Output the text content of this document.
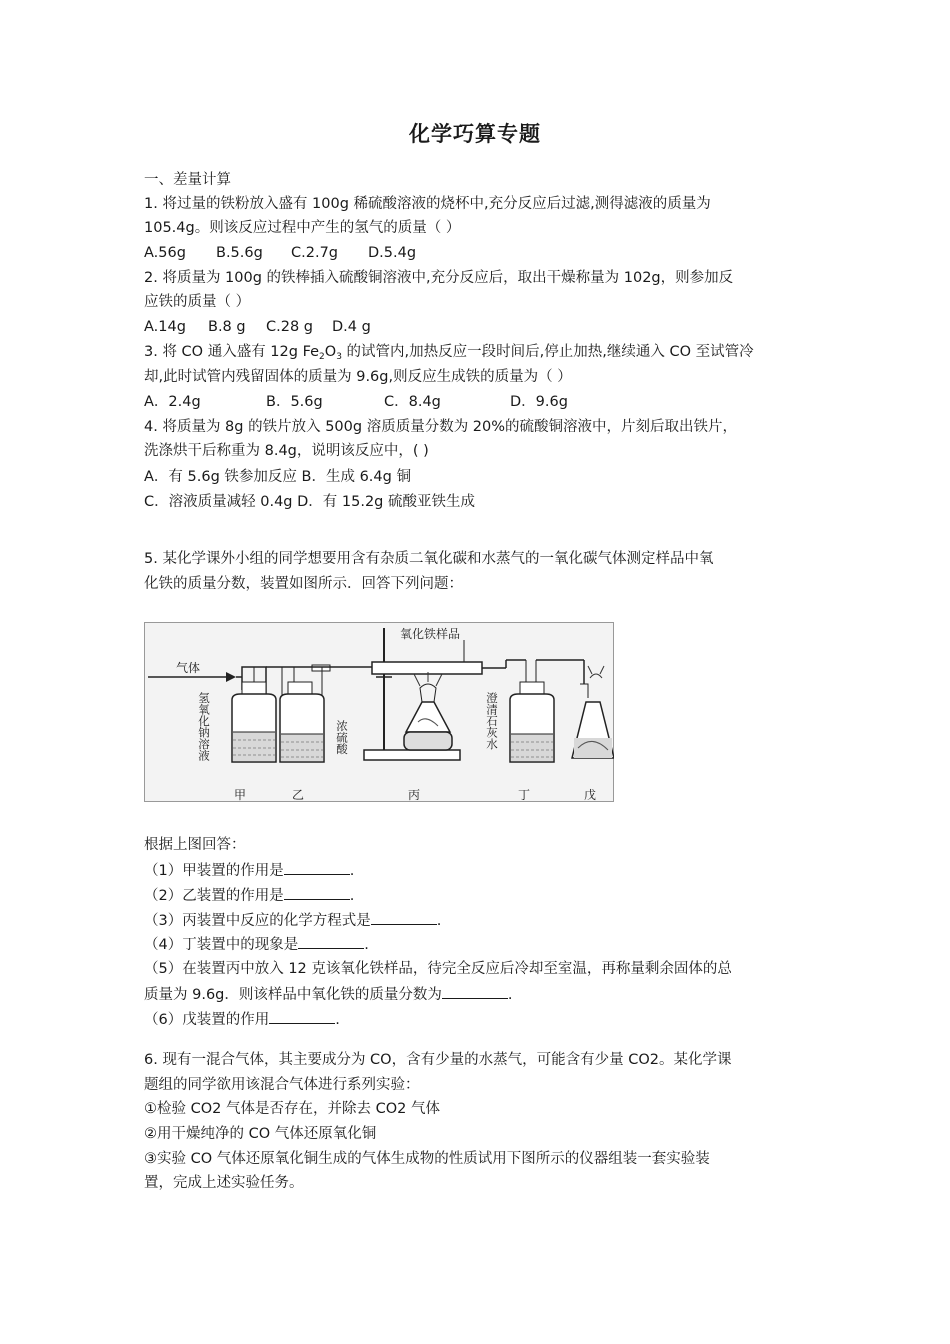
化学巧算专题
一、差量计算
1. 将过量的铁粉放入盛有 100g 稀硫酸溶液的烧杯中,充分反应后过滤,测得滤液的质量为
105.4g。则该反应过程中产生的氢气的质量（ ）
A.56g B.5.6g C.2.7g D.5.4g
2. 将质量为 100g 的铁棒插入硫酸铜溶液中,充分反应后，取出干燥称量为 102g，则参加反
应铁的质量（ ）
A.14g B.8 g C.28 g D.4 g
3. 将 CO 通入盛有 12g $Fe_2O_3$ 的试管内,加热反应一段时间后,停止加热,继续通入 CO 至试管冷
却,此时试管内残留固体的质量为 9.6g,则反应生成铁的质量为（ ）
A．2.4g	B．5.6g	C．8.4g	D．9.6g
4. 将质量为 8g 的铁片放入 500g 溶质质量分数为 20%的硫酸铜溶液中，片刻后取出铁片，
洗涤烘干后称重为 8.4g，说明该反应中，( )
A．有 5.6g 铁参加反应 B．生成 6.4g 铜
C．溶液质量减轻 0.4g D．有 15.2g 硫酸亚铁生成
5. 某化学课外小组的同学想要用含有杂质二氧化碳和水蒸气的一氧化碳气体测定样品中氧
化铁的质量分数，装置如图所示．回答下列问题：
气体
氢氧化钠溶液	浓硫酸
氧化铁样品
澄清石灰水
甲	乙	丙	丁	戊
根据上图回答：
（1）甲装置的作用是	.
（2）乙装置的作用是	.
（3）丙装置中反应的化学方程式是	.
（4）丁装置中的现象是	.
（5）在装置丙中放入 12 克该氧化铁样品，待完全反应后冷却至室温，再称量剩余固体的总
质量为 9.6g．则该样品中氧化铁的质量分数为	.
（6）戊装置的作用	.
6. 现有一混合气体，其主要成分为 CO，含有少量的水蒸气，可能含有少量 CO2。某化学课
题组的同学欲用该混合气体进行系列实验：
①检验 CO2 气体是否存在，并除去 CO2 气体
②用干燥纯净的 CO 气体还原氧化铜
③实验 CO 气体还原氧化铜生成的气体生成物的性质试用下图所示的仪器组装一套实验装
置，完成上述实验任务。
